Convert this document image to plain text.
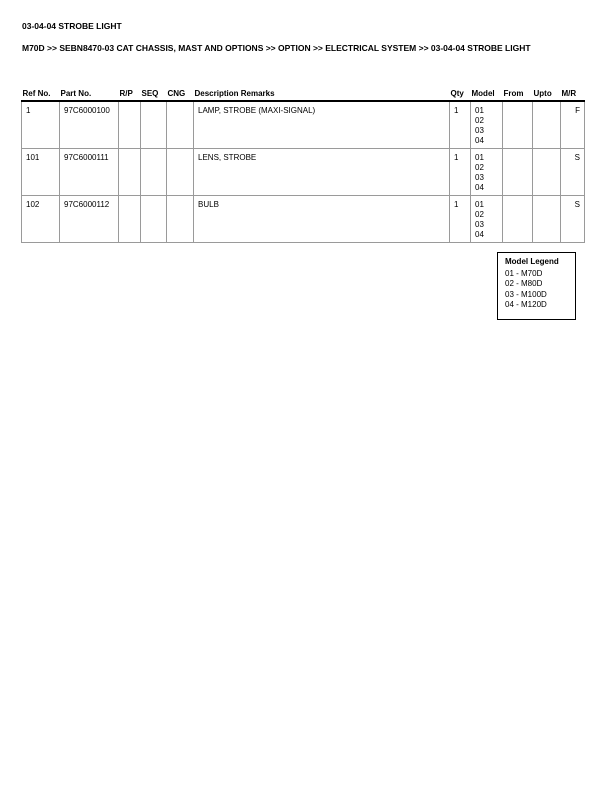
03-04-04 STROBE LIGHT
M70D >> SEBN8470-03 CAT CHASSIS, MAST AND OPTIONS >> OPTION >> ELECTRICAL SYSTEM >> 03-04-04 STROBE LIGHT
Ref No.	Part No.	R/P	SEQ	CNG	Description Remarks	Qty	Model	From	Upto	M/R
1	97C6000100				LAMP, STROBE (MAXI-SIGNAL)	1	01
02
03
04			F
101	97C6000111				LENS, STROBE	1	01
02
03
04			S
102	97C6000112				BULB	1	01
02
03
04			S
Model Legend
01 - M70D
02 - M80D
03 - M100D
04 - M120D
